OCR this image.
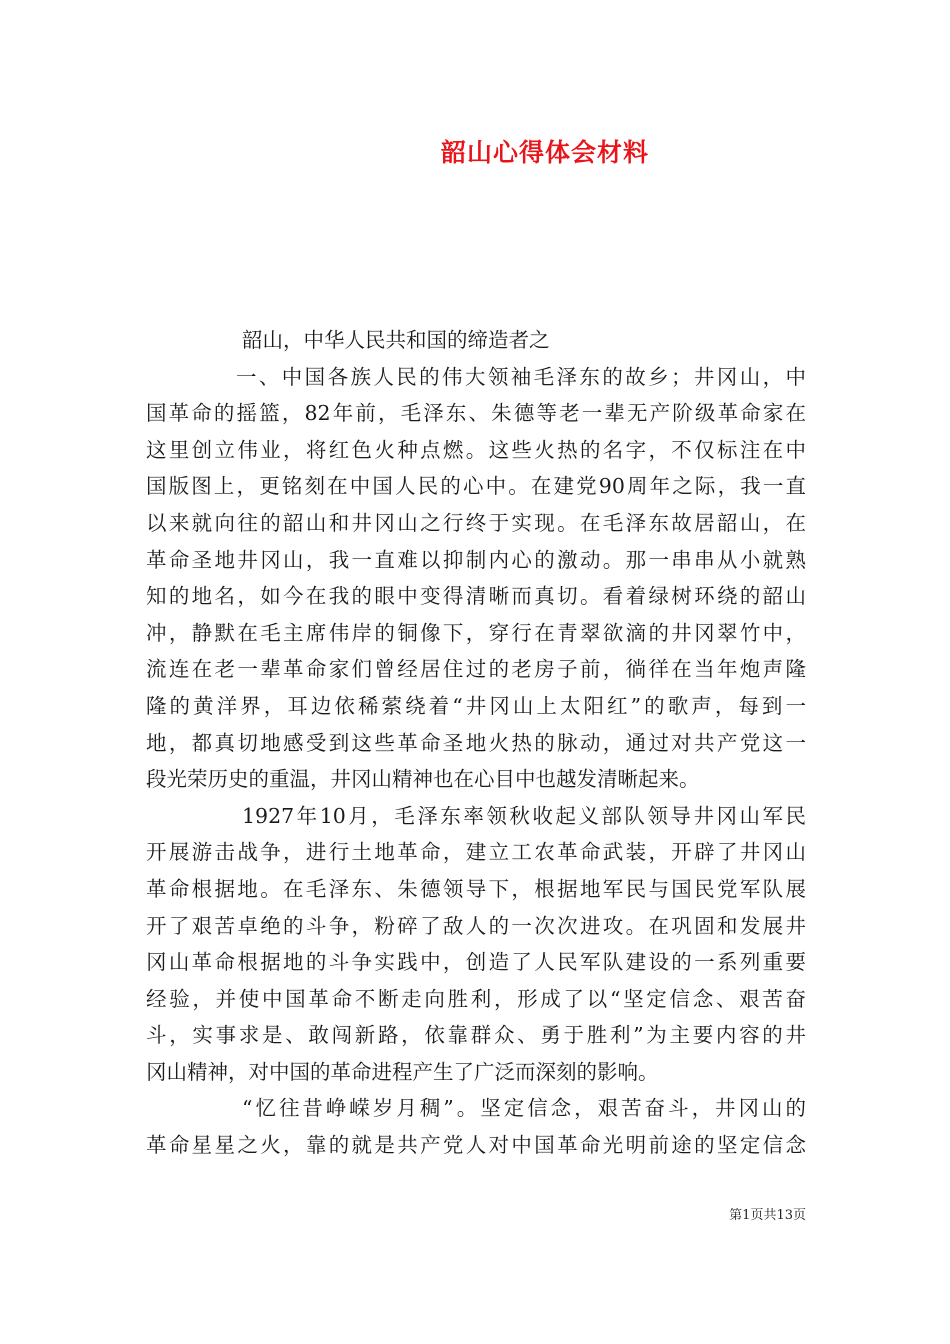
韶山心得体会材料
韶山，中华人民共和国的缔造者之
一、中国各族人民的伟大领袖毛泽东的故乡；井冈山，中
国革命的摇篮，82年前，毛泽东、朱德等老一辈无产阶级革命家在
这里创立伟业，将红色火种点燃。这些火热的名字，不仅标注在中
国版图上，更铭刻在中国人民的心中。在建党90周年之际，我一直
以来就向往的韶山和井冈山之行终于实现。在毛泽东故居韶山，在
革命圣地井冈山，我一直难以抑制内心的激动。那一串串从小就熟
知的地名，如今在我的眼中变得清晰而真切。看着绿树环绕的韶山
冲，静默在毛主席伟岸的铜像下，穿行在青翠欲滴的井冈翠竹中，
流连在老一辈革命家们曾经居住过的老房子前，徜徉在当年炮声隆
隆的黄洋界，耳边依稀萦绕着“井冈山上太阳红”的歌声，每到一
地，都真切地感受到这些革命圣地火热的脉动，通过对共产党这一
段光荣历史的重温，井冈山精神也在心目中也越发清晰起来。
1927年10月，毛泽东率领秋收起义部队领导井冈山军民
开展游击战争，进行土地革命，建立工农革命武装，开辟了井冈山
革命根据地。在毛泽东、朱德领导下，根据地军民与国民党军队展
开了艰苦卓绝的斗争，粉碎了敌人的一次次进攻。在巩固和发展井
冈山革命根据地的斗争实践中，创造了人民军队建设的一系列重要
经验，并使中国革命不断走向胜利，形成了以“坚定信念、艰苦奋
斗，实事求是、敢闯新路，依靠群众、勇于胜利”为主要内容的井
冈山精神，对中国的革命进程产生了广泛而深刻的影响。
“忆往昔峥嵘岁月稠”。坚定信念，艰苦奋斗，井冈山的
革命星星之火，靠的就是共产党人对中国革命光明前途的坚定信念
第1页共13页
